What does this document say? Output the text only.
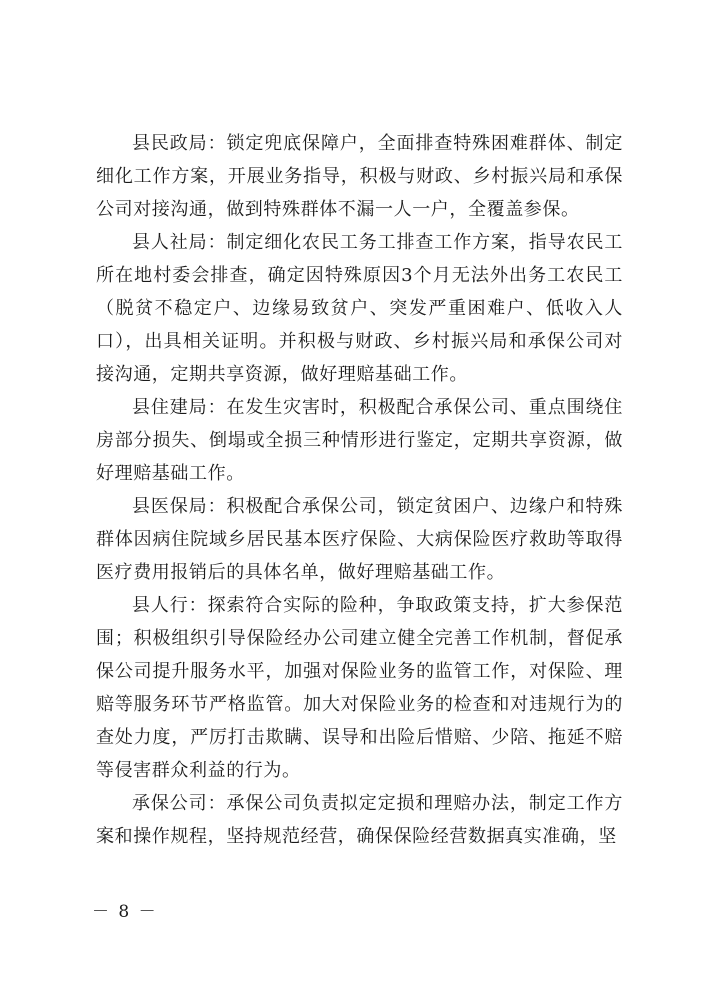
县民政局：锁定兜底保障户，全面排查特殊困难群体、制定细化工作方案，开展业务指导，积极与财政、乡村振兴局和承保公司对接沟通，做到特殊群体不漏一人一户，全覆盖参保。

县人社局：制定细化农民工务工排查工作方案，指导农民工所在地村委会排查，确定因特殊原因3个月无法外出务工农民工（脱贫不稳定户、边缘易致贫户、突发严重困难户、低收入人口），出具相关证明。并积极与财政、乡村振兴局和承保公司对接沟通，定期共享资源，做好理赔基础工作。

县住建局：在发生灾害时，积极配合承保公司、重点围绕住房部分损失、倒塌或全损三种情形进行鉴定，定期共享资源，做好理赔基础工作。

县医保局：积极配合承保公司，锁定贫困户、边缘户和特殊群体因病住院域乡居民基本医疗保险、大病保险医疗救助等取得医疗费用报销后的具体名单，做好理赔基础工作。

县人行：探索符合实际的险种，争取政策支持，扩大参保范围；积极组织引导保险经办公司建立健全完善工作机制，督促承保公司提升服务水平，加强对保险业务的监管工作，对保险、理赔等服务环节严格监管。加大对保险业务的检查和对违规行为的查处力度，严厉打击欺瞒、误导和出险后惜赔、少陪、拖延不赔等侵害群众利益的行为。

承保公司：承保公司负责拟定定损和理赔办法，制定工作方案和操作规程，坚持规范经营，确保保险经营数据真实准确，坚

－ 8 －
